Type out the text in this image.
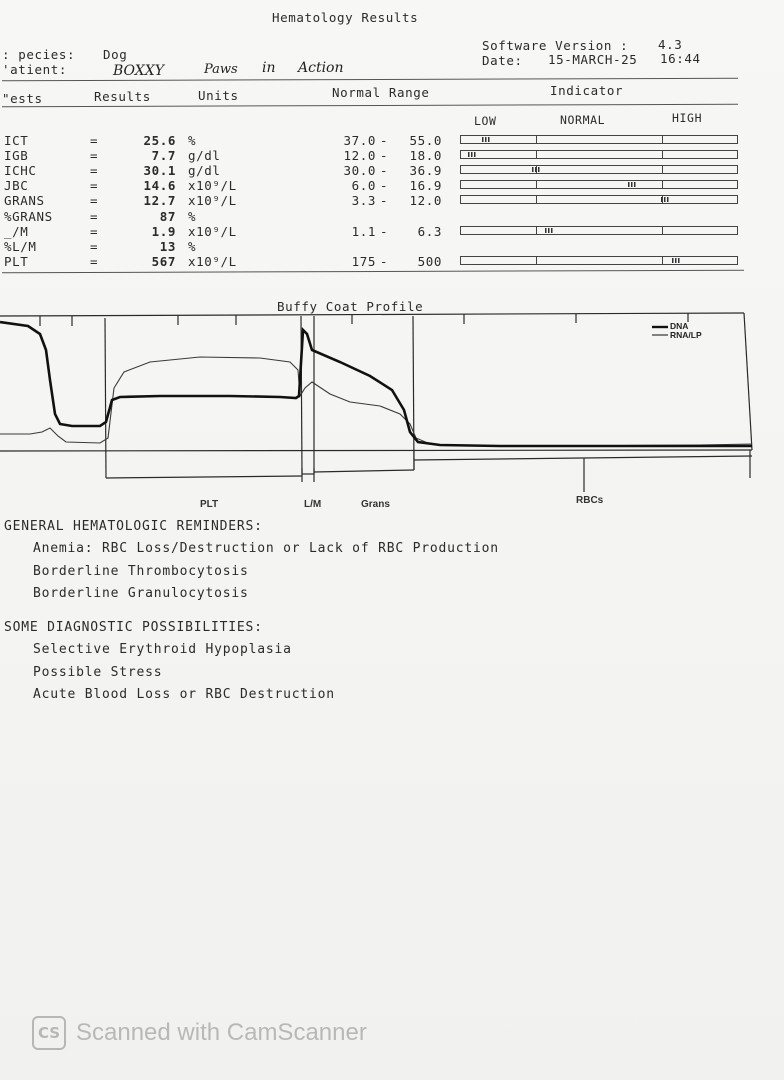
Hematology Results
: pecies: Dog
'atient:	BOXXY	Paws in Action
Software Version : 4.3
Date: 15-MARCH-25 16:44
"ests	Results	Units	Normal Range	Indicator
LOW	NORMAL	HIGH
ICT	=	25.6 %	37.0 -	55.0
IGB	=	7.7 g/dl	12.0 -	18.0
ICHC	=	30.1 g/dl	30.0 -	36.9
JBC	=	14.6 x10⁹/L	6.0 -	16.9
GRANS	=	12.7 x10⁹/L	3.3 -	12.0
%GRANS	=	87 %
_/M	=	1.9 x10⁹/L	1.1 -	6.3
%L/M	=	13 %
PLT	=	567 x10⁹/L	175 -	500
Buffy Coat Profile
DNA
RNA/LP
PLT	L/M	Grans	RBCs
GENERAL HEMATOLOGIC REMINDERS:
Anemia: RBC Loss/Destruction or Lack of RBC Production
Borderline Thrombocytosis
Borderline Granulocytosis
SOME DIAGNOSTIC POSSIBILITIES:
Selective Erythroid Hypoplasia
Possible Stress
Acute Blood Loss or RBC Destruction
CS Scanned with CamScanner
